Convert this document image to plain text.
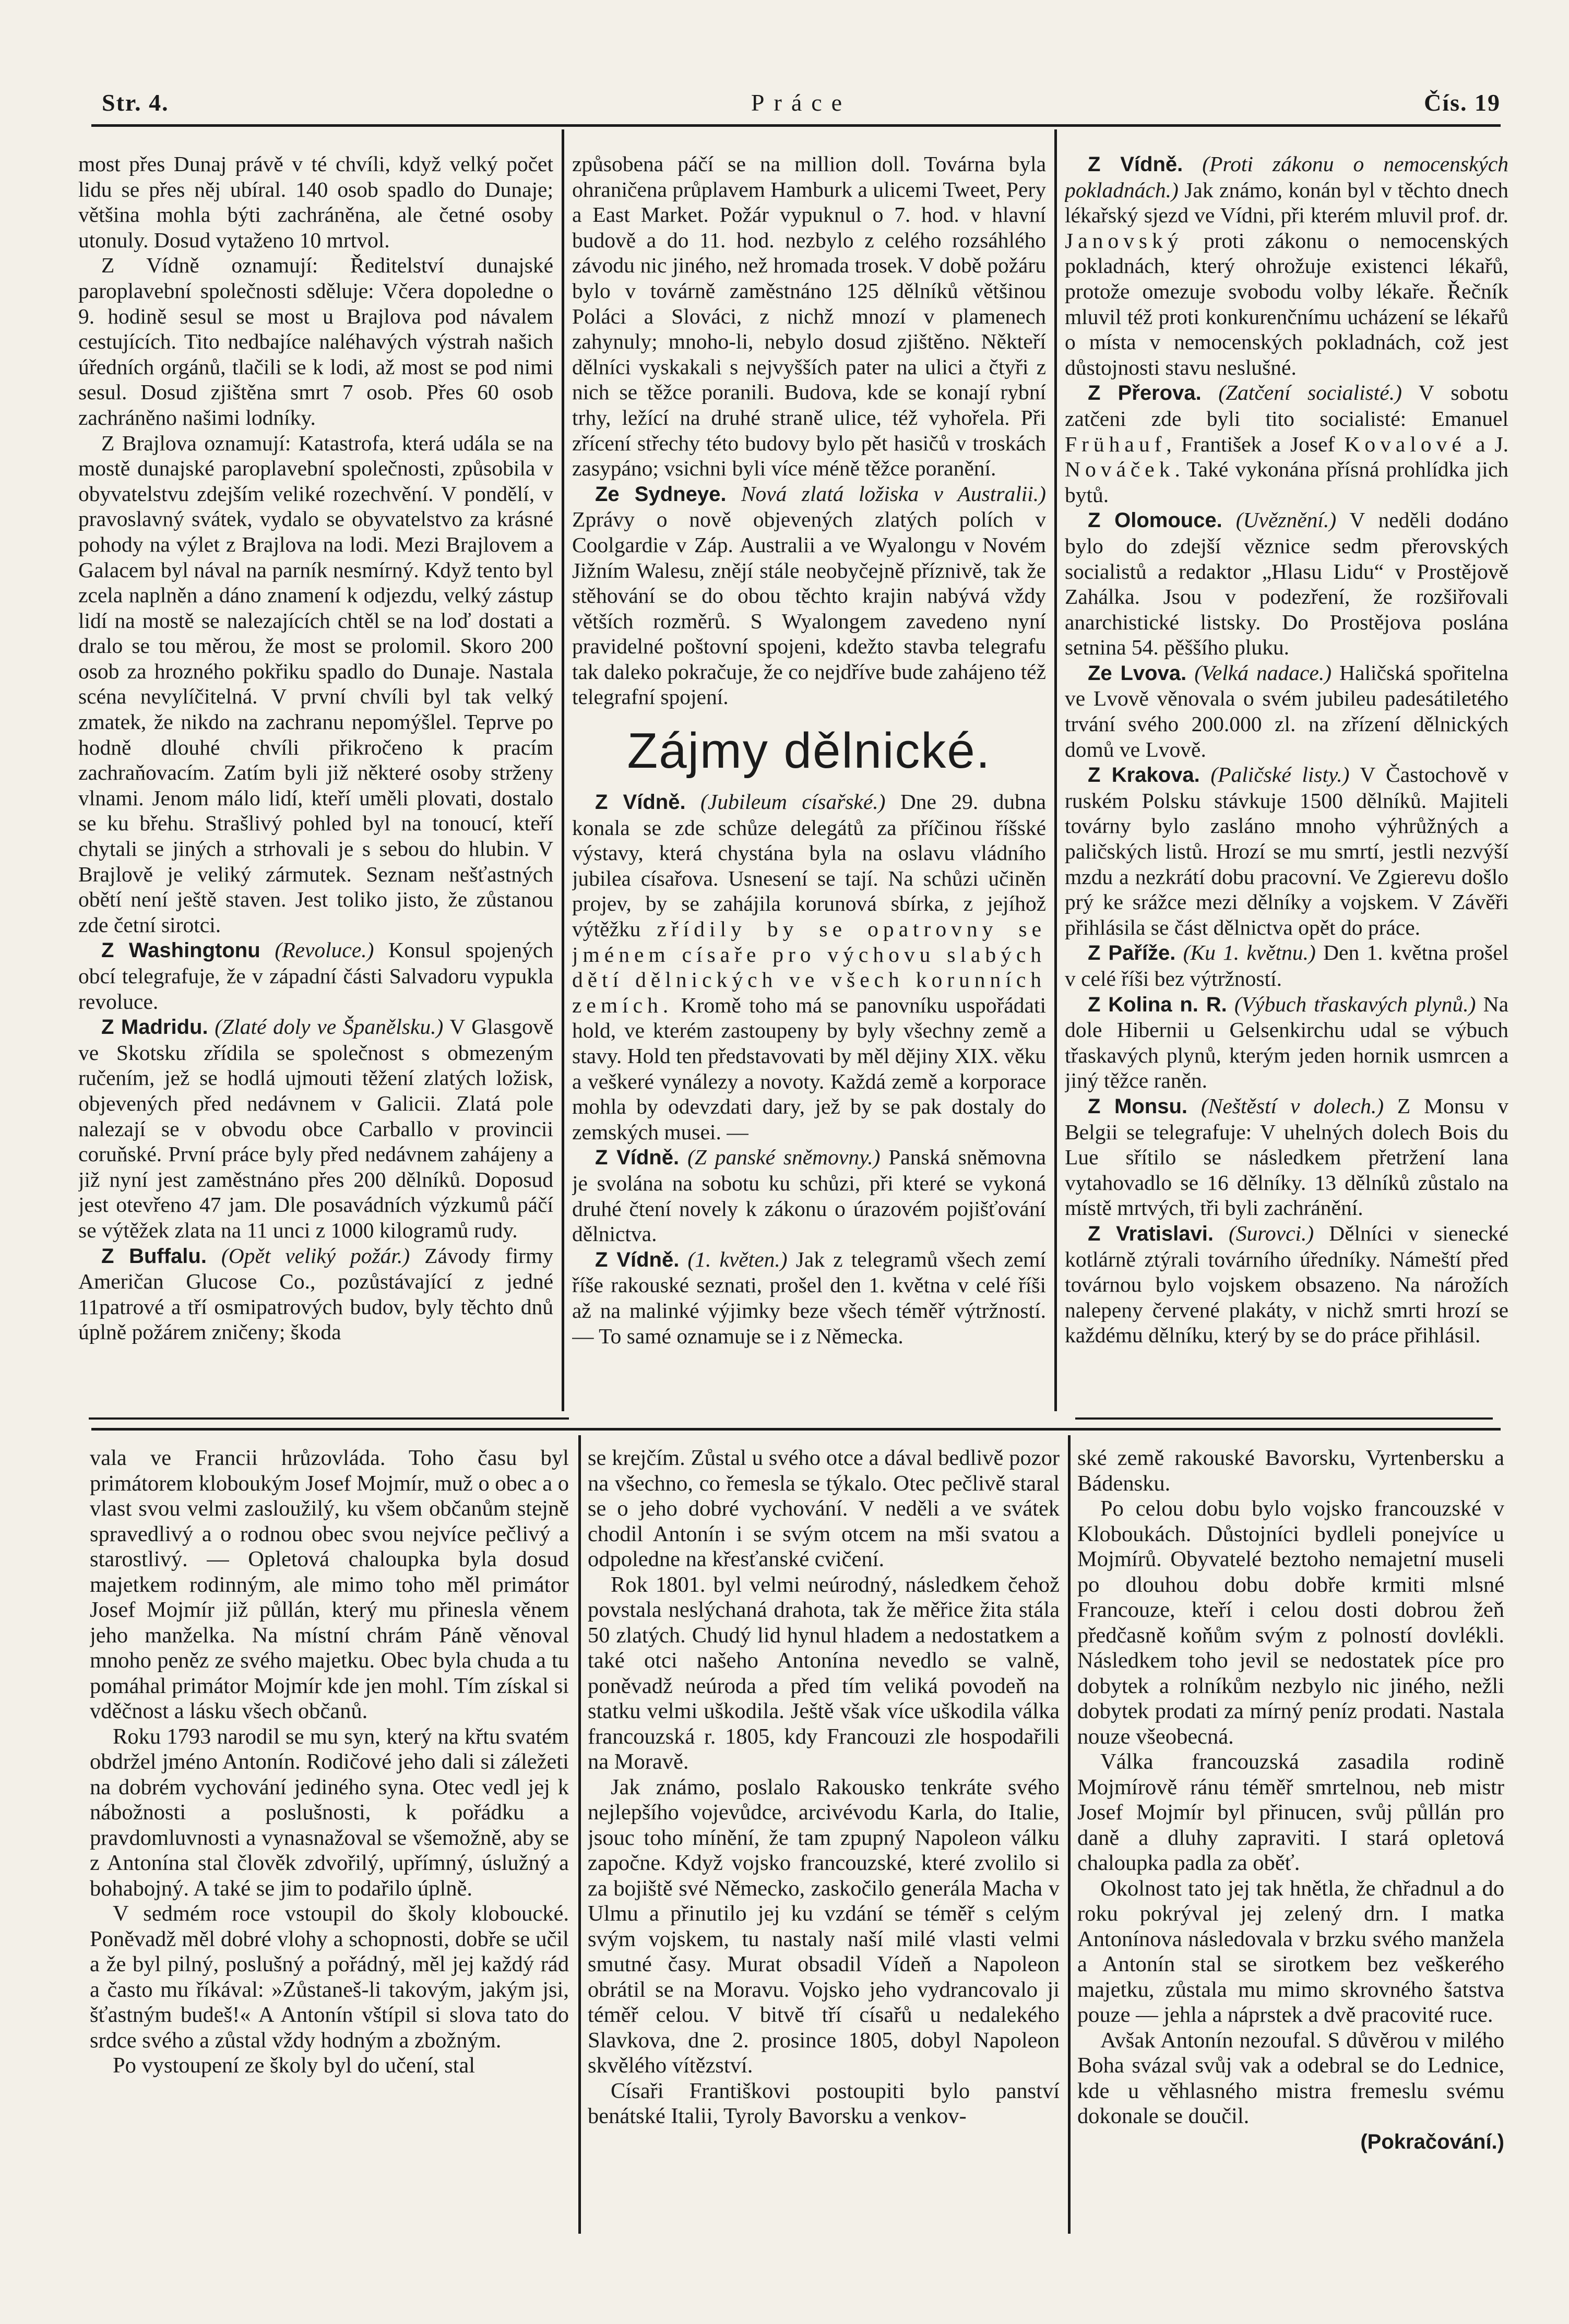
Práce
Str. 4.	Čís. 19

most přes Dunaj právě v té chvíli, když velký počet lidu se přes něj ubíral. 140 osob spadlo do Dunaje; většina mohla býti zachráněna, ale četné osoby utonuly. Dosud vytaženo 10 mrtvol.

Z Vídně oznamují: Ředitelství dunajské paroplavební společnosti sděluje: Včera dopoledne o 9. hodině sesul se most u Brajlova pod návalem cestujících. Tito nedbajíce naléhavých výstrah našich úředních orgánů, tlačili se k lodi, až most se pod nimi sesul. Dosud zjištěna smrt 7 osob. Přes 60 osob zachráněno našimi lodníky.

Z Brajlova oznamují: Katastrofa, která udála se na mostě dunajské paroplavební společnosti, způsobila v obyvatelstvu zdejším veliké rozechvění. V pondělí, v pravoslavný svátek, vydalo se obyvatelstvo za krásné pohody na výlet z Brajlova na lodi. Mezi Brajlovem a Galacem byl nával na parník nesmírný. Když tento byl zcela naplněn a dáno znamení k odjezdu, velký zástup lidí na mostě se nalezajících chtěl se na loď dostati a dralo se tou měrou, že most se prolomil. Skoro 200 osob za hrozného pokřiku spadlo do Dunaje. Nastala scéna nevylíčitelná. V první chvíli byl tak velký zmatek, že nikdo na zachranu nepomýšlel. Teprve po hodně dlouhé chvíli přikročeno k pracím zachraňovacím. Zatím byli již některé osoby strženy vlnami. Jenom málo lidí, kteří uměli plovati, dostalo se ku břehu. Strašlivý pohled byl na tonoucí, kteří chytali se jiných a strhovali je s sebou do hlubin. V Brajlově je veliký zármutek. Seznam nešťastných obětí není ještě staven. Jest toliko jisto, že zůstanou zde četní sirotci.

Z Washingtonu (Revoluce.) Konsul spojených obcí telegrafuje, že v západní části Salvadoru vypukla revoluce.

Z Madridu. (Zlaté doly ve Španělsku.) V Glasgově ve Skotsku zřídila se společnost s obmezeným ručením, jež se hodlá ujmouti těžení zlatých ložisk, objevených před nedávnem v Galicii. Zlatá pole nalezají se v obvodu obce Carballo v provincii coruňské. První práce byly před nedávnem zahájeny a již nyní jest zaměstnáno přes 200 dělníků. Doposud jest otevřeno 47 jam. Dle posavádních výzkumů páčí se výtěžek zlata na 11 unci z 1000 kilogramů rudy.

Z Buffalu. (Opět veliký požár.) Závody firmy Američan Glucose Co., pozůstávající z jedné 11patrové a tří osmipatrových budov, byly těchto dnů úplně požárem zničeny; škoda

způsobena páčí se na million doll. Továrna byla ohraničena průplavem Hamburk a ulicemi Tweet, Pery a East Market. Požár vypuknul o 7. hod. v hlavní budově a do 11. hod. nezbylo z celého rozsáhlého závodu nic jiného, než hromada trosek. V době požáru bylo v továrně zaměstnáno 125 dělníků většinou Poláci a Slováci, z nichž mnozí v plamenech zahynuly; mnoho-li, nebylo dosud zjištěno. Někteří dělníci vyskakali s nejvyšších pater na ulici a čtyři z nich se těžce poranili. Budova, kde se konají rybní trhy, ležící na druhé straně ulice, též vyhořela. Při zřícení střechy této budovy bylo pět hasičů v troskách zasypáno; vsichni byli více méně těžce poranění.

Ze Sydneye. Nová zlatá ložiska v Australii.) Zprávy o nově objevených zlatých polích v Coolgardie v Záp. Australii a ve Wyalongu v Novém Jižním Walesu, znějí stále neobyčejně příznivě, tak že stěhování se do obou těchto krajin nabývá vždy větších rozměrů. S Wyalongem zavedeno nyní pravidelné poštovní spojeni, kdežto stavba telegrafu tak daleko pokračuje, že co nejdříve bude zahájeno též telegrafní spojení.

Zájmy dělnické.

Z Vídně. (Jubileum císařské.) Dne 29. dubna konala se zde schůze delegátů za příčinou říšské výstavy, která chystána byla na oslavu vládního jubilea císařova. Usnesení se tají. Na schůzi učiněn projev, by se zahájila korunová sbírka, z jejíhož výtěžku zřídily by se opatrovny se jménem císaře pro výchovu slabých dětí dělnických ve všech korunních zemích. Kromě toho má se panovníku uspořádati hold, ve kterém zastoupeny by byly všechny země a stavy. Hold ten představovati by měl dějiny XIX. věku a veškeré vynálezy a novoty. Každá země a korporace mohla by odevzdati dary, jež by se pak dostaly do zemských musei. —

Z Vídně. (Z panské sněmovny.) Panská sněmovna je svolána na sobotu ku schůzi, při které se vykoná druhé čtení novely k zákonu o úrazovém pojišťování dělnictva.

Z Vídně. (1. květen.) Jak z telegramů všech zemí říše rakouské seznati, prošel den 1. května v celé říši až na malinké výjimky beze všech téměř výtržností. — To samé oznamuje se i z Německa.

Z Vídně. (Proti zákonu o nemocenských pokladnách.) Jak známo, konán byl v těchto dnech lékařský sjezd ve Vídni, při kterém mluvil prof. dr. Janovský proti zákonu o nemocenských pokladnách, který ohrožuje existenci lékařů, protože omezuje svobodu volby lékaře. Řečník mluvil též proti konkurenčnímu ucházení se lékařů o místa v nemocenských pokladnách, což jest důstojnosti stavu neslušné.

Z Přerova. (Zatčení socialisté.) V sobotu zatčeni zde byli tito socialisté: Emanuel Frühauf, František a Josef Kovalové a J. Nováček. Také vykonána přísná prohlídka jich bytů.

Z Olomouce. (Uvěznění.) V neděli dodáno bylo do zdejší věznice sedm přerovských socialistů a redaktor „Hlasu Lidu“ v Prostějově Zahálka. Jsou v podezření, že rozšiřovali anarchistické listsky. Do Prostějova poslána setnina 54. pěššího pluku.

Ze Lvova. (Velká nadace.) Haličská spořitelna ve Lvově věnovala o svém jubileu padesátiletého trvání svého 200.000 zl. na zřízení dělnických domů ve Lvově.

Z Krakova. (Paličské listy.) V Častochově v ruském Polsku stávkuje 1500 dělníků. Majiteli továrny bylo zasláno mnoho výhrůžných a paličských listů. Hrozí se mu smrtí, jestli nezvýší mzdu a nezkrátí dobu pracovní. Ve Zgierevu došlo prý ke srážce mezi dělníky a vojskem. V Závěři přihlásila se část dělnictva opět do práce.

Z Paříže. (Ku 1. květnu.) Den 1. května prošel v celé říši bez výtržností.

Z Kolina n. R. (Výbuch třaskavých plynů.) Na dole Hibernii u Gelsenkirchu udal se výbuch třaskavých plynů, kterým jeden hornik usmrcen a jiný těžce raněn.

Z Monsu. (Neštěstí v dolech.) Z Monsu v Belgii se telegrafuje: V uhelných dolech Bois du Lue sřítilo se následkem přetržení lana vytahovadlo se 16 dělníky. 13 dělníků zůstalo na místě mrtvých, tři byli zachránění.

Z Vratislavi. (Surovci.) Dělníci v sienecké kotlárně ztýrali továrního úředníky. Námeští před továrnou bylo vojskem obsazeno. Na nárožích nalepeny červené plakáty, v nichž smrti hrozí se každému dělníku, který by se do práce přihlásil.

vala ve Francii hrůzovláda. Toho času byl primátorem kloboukým Josef Mojmír, muž o obec a o vlast svou velmi zasloužilý, ku všem občanům stejně spravedlivý a o rodnou obec svou nejvíce pečlivý a starostlivý. — Opletová chaloupka byla dosud majetkem rodinným, ale mimo toho měl primátor Josef Mojmír již půllán, který mu přinesla věnem jeho manželka. Na místní chrám Páně věnoval mnoho peněz ze svého majetku. Obec byla chuda a tu pomáhal primátor Mojmír kde jen mohl. Tím získal si vděčnost a lásku všech občanů.

Roku 1793 narodil se mu syn, který na křtu svatém obdržel jméno Antonín. Rodičové jeho dali si záležeti na dobrém vychování jediného syna. Otec vedl jej k nábožnosti a poslušnosti, k pořádku a pravdomluvnosti a vynasnažoval se všemožně, aby se z Antonína stal člověk zdvořilý, upřímný, úslužný a bohabojný. A také se jim to podařilo úplně.

V sedmém roce vstoupil do školy kloboucké. Poněvadž měl dobré vlohy a schopnosti, dobře se učil a že byl pilný, poslušný a pořádný, měl jej každý rád a často mu říkával: »Zůstaneš-li takovým, jakým jsi, šťastným budeš!« A Antonín vštípil si slova tato do srdce svého a zůstal vždy hodným a zbožným.

Po vystoupení ze školy byl do učení, stal

se krejčím. Zůstal u svého otce a dával bedlivě pozor na všechno, co řemesla se týkalo. Otec pečlivě staral se o jeho dobré vychování. V neděli a ve svátek chodil Antonín i se svým otcem na mši svatou a odpoledne na křesťanské cvičení.

Rok 1801. byl velmi neúrodný, následkem čehož povstala neslýchaná drahota, tak že měřice žita stála 50 zlatých. Chudý lid hynul hladem a nedostatkem a také otci našeho Antonína nevedlo se valně, poněvadž neúroda a před tím veliká povodeň na statku velmi uškodila. Ještě však více uškodila válka francouzská r. 1805, kdy Francouzi zle hospodařili na Moravě.

Jak známo, poslalo Rakousko tenkráte svého nejlepšího vojevůdce, arcivévodu Karla, do Italie, jsouc toho mínění, že tam zpupný Napoleon válku započne. Když vojsko francouzské, které zvolilo si za bojiště své Německo, zaskočilo generála Macha v Ulmu a přinutilo jej ku vzdání se téměř s celým svým vojskem, tu nastaly naší milé vlasti velmi smutné časy. Murat obsadil Vídeň a Napoleon obrátil se na Moravu. Vojsko jeho vydrancovalo ji téměř celou. V bitvě tří císařů u nedalekého Slavkova, dne 2. prosince 1805, dobyl Napoleon skvělého vítězství.

Císaři Františkovi postoupiti bylo panství benátské Italii, Tyroly Bavorsku a venkov-

ské země rakouské Bavorsku, Vyrtenbersku a Bádensku.

Po celou dobu bylo vojsko francouzské v Kloboukách. Důstojníci bydleli ponejvíce u Mojmírů. Obyvatelé beztoho nemajetní museli po dlouhou dobu dobře krmiti mlsné Francouze, kteří i celou dosti dobrou žeň předčasně koňům svým z polností dovlékli. Následkem toho jevil se nedostatek píce pro dobytek a rolníkům nezbylo nic jiného, nežli dobytek prodati za mírný peníz prodati. Nastala nouze všeobecná.

Válka francouzská zasadila rodině Mojmírově ránu téměř smrtelnou, neb mistr Josef Mojmír byl přinucen, svůj půllán pro daně a dluhy zapraviti. I stará opletová chaloupka padla za oběť.

Okolnost tato jej tak hnětla, že chřadnul a do roku pokrýval jej zelený drn. I matka Antonínova následovala v brzku svého manžela a Antonín stal se sirotkem bez veškerého majetku, zůstala mu mimo skrovného šatstva pouze — jehla a náprstek a dvě pracovité ruce.

Avšak Antonín nezoufal. S důvěrou v milého Boha svázal svůj vak a odebral se do Lednice, kde u věhlasného mistra fremeslu svému dokonale se doučil.

(Pokračování.)
